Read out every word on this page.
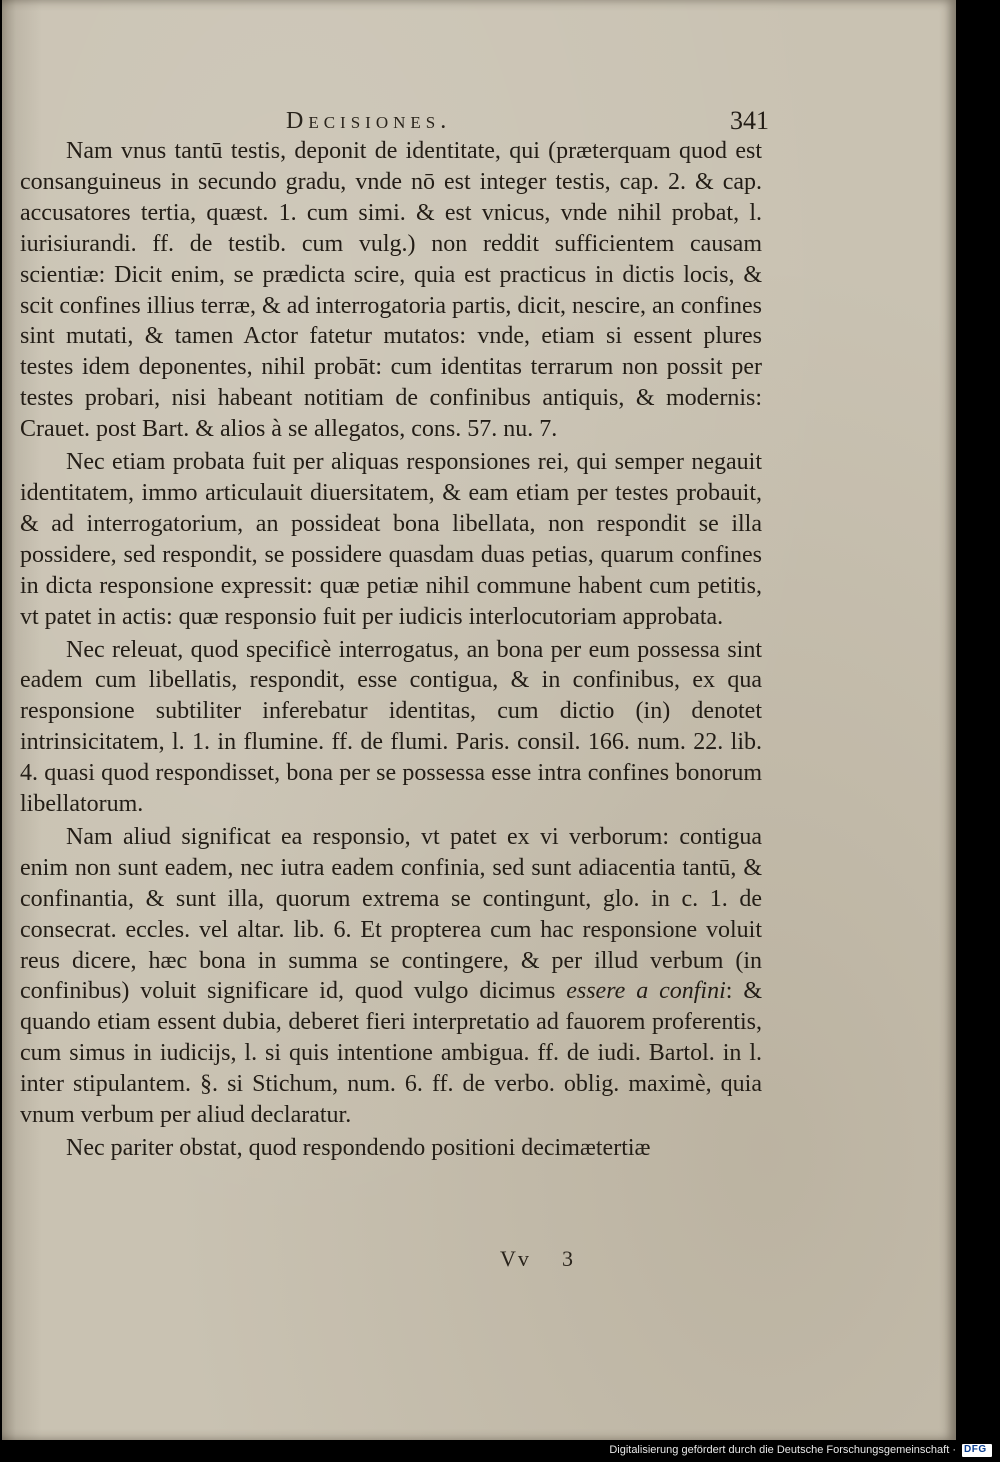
Decisiones.	341

Nam vnus tantū testis, deponit de identitate, qui (præterquam quod est consanguineus in secundo gradu, vnde nō est integer testis, cap. 2. & cap. accusatores tertia, quæst. 1. cum simi. & est vnicus, vnde nihil probat, l. iurisiurandi. ff. de testib. cum vulg.) non reddit sufficientem causam scientiæ: Dicit enim, se prædicta scire, quia est practicus in dictis locis, & scit confines illius terræ, & ad interrogatoria partis, dicit, nescire, an confines sint mutati, & tamen Actor fatetur mutatos: vnde, etiam si essent plures testes idem deponentes, nihil probāt: cum identitas terrarum non possit per testes probari, nisi habeant notitiam de confinibus antiquis, & modernis: Crauet. post Bart. & alios à se allegatos, cons. 57. nu. 7.

Nec etiam probata fuit per aliquas responsiones rei, qui semper negauit identitatem, immo articulauit diuersitatem, & eam etiam per testes probauit, & ad interrogatorium, an possideat bona libellata, non respondit se illa possidere, sed respondit, se possidere quasdam duas petias, quarum confines in dicta responsione expressit: quæ petiæ nihil commune habent cum petitis, vt patet in actis: quæ responsio fuit per iudicis interlocutoriam approbata.

Nec releuat, quod specificè interrogatus, an bona per eum possessa sint eadem cum libellatis, respondit, esse contigua, & in confinibus, ex qua responsione subtiliter inferebatur identitas, cum dictio (in) denotet intrinsicitatem, l. 1. in flumine. ff. de flumi. Paris. consil. 166. num. 22. lib. 4. quasi quod respondisset, bona per se possessa esse intra confines bonorum libellatorum.

Nam aliud significat ea responsio, vt patet ex vi verborum: contigua enim non sunt eadem, nec iutra eadem confinia, sed sunt adiacentia tantū, & confinantia, & sunt illa, quorum extrema se contingunt, glo. in c. 1. de consecrat. eccles. vel altar. lib. 6. Et propterea cum hac responsione voluit reus dicere, hæc bona in summa se contingere, & per illud verbum (in confinibus) voluit significare id, quod vulgo dicimus essere a confini: & quando etiam essent dubia, deberet fieri interpretatio ad fauorem proferentis, cum simus in iudicijs, l. si quis intentione ambigua. ff. de iudi. Bartol. in l. inter stipulantem. §. si Stichum, num. 6. ff. de verbo. oblig. maximè, quia vnum verbum per aliud declaratur.

Nec pariter obstat, quod respondendo positioni decimætertiæ

Vv 3
Digitalisierung gefördert durch die Deutsche Forschungsgemeinschaft · DFG
